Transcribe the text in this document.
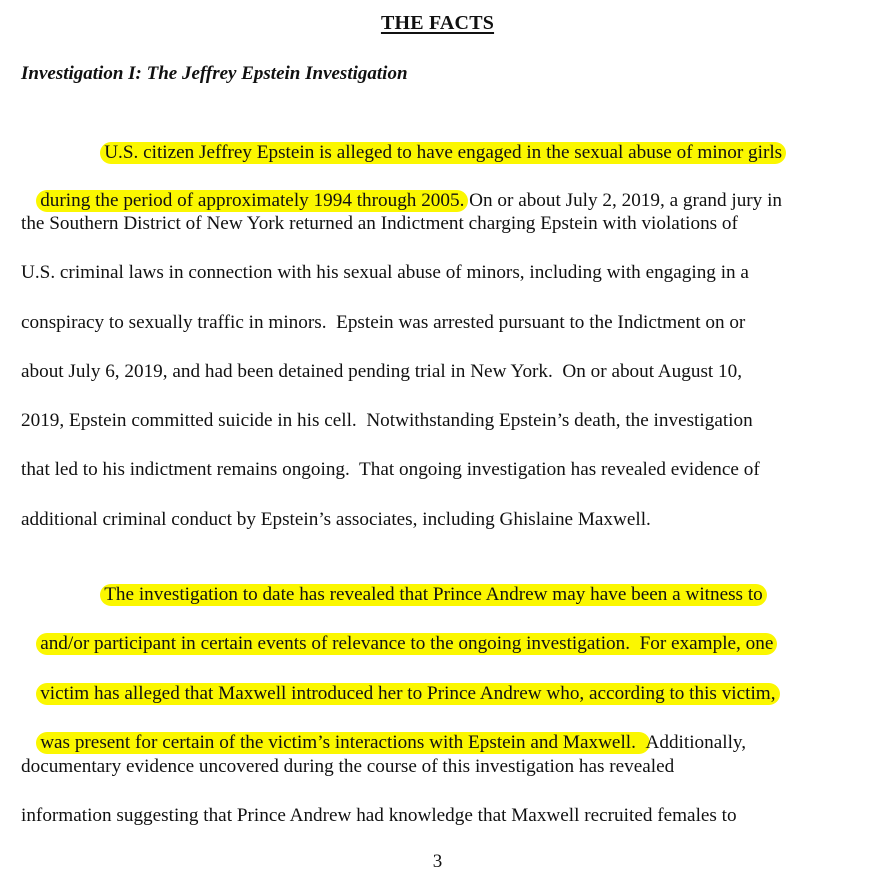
THE FACTS
Investigation I: The Jeffrey Epstein Investigation

U.S. citizen Jeffrey Epstein is alleged to have engaged in the sexual abuse of minor girls

during the period of approximately 1994 through 2005. On or about July 2, 2019, a grand jury in

the Southern District of New York returned an Indictment charging Epstein with violations of
U.S. criminal laws in connection with his sexual abuse of minors, including with engaging in a
conspiracy to sexually traffic in minors.  Epstein was arrested pursuant to the Indictment on or
about July 6, 2019, and had been detained pending trial in New York.  On or about August 10,
2019, Epstein committed suicide in his cell.  Notwithstanding Epstein’s death, the investigation
that led to his indictment remains ongoing.  That ongoing investigation has revealed evidence of
additional criminal conduct by Epstein’s associates, including Ghislaine Maxwell.

The investigation to date has revealed that Prince Andrew may have been a witness to

and/or participant in certain events of relevance to the ongoing investigation.  For example, one

victim has alleged that Maxwell introduced her to Prince Andrew who, according to this victim,

was present for certain of the victim’s interactions with Epstein and Maxwell.  Additionally,

documentary evidence uncovered during the course of this investigation has revealed
information suggesting that Prince Andrew had knowledge that Maxwell recruited females to
3
